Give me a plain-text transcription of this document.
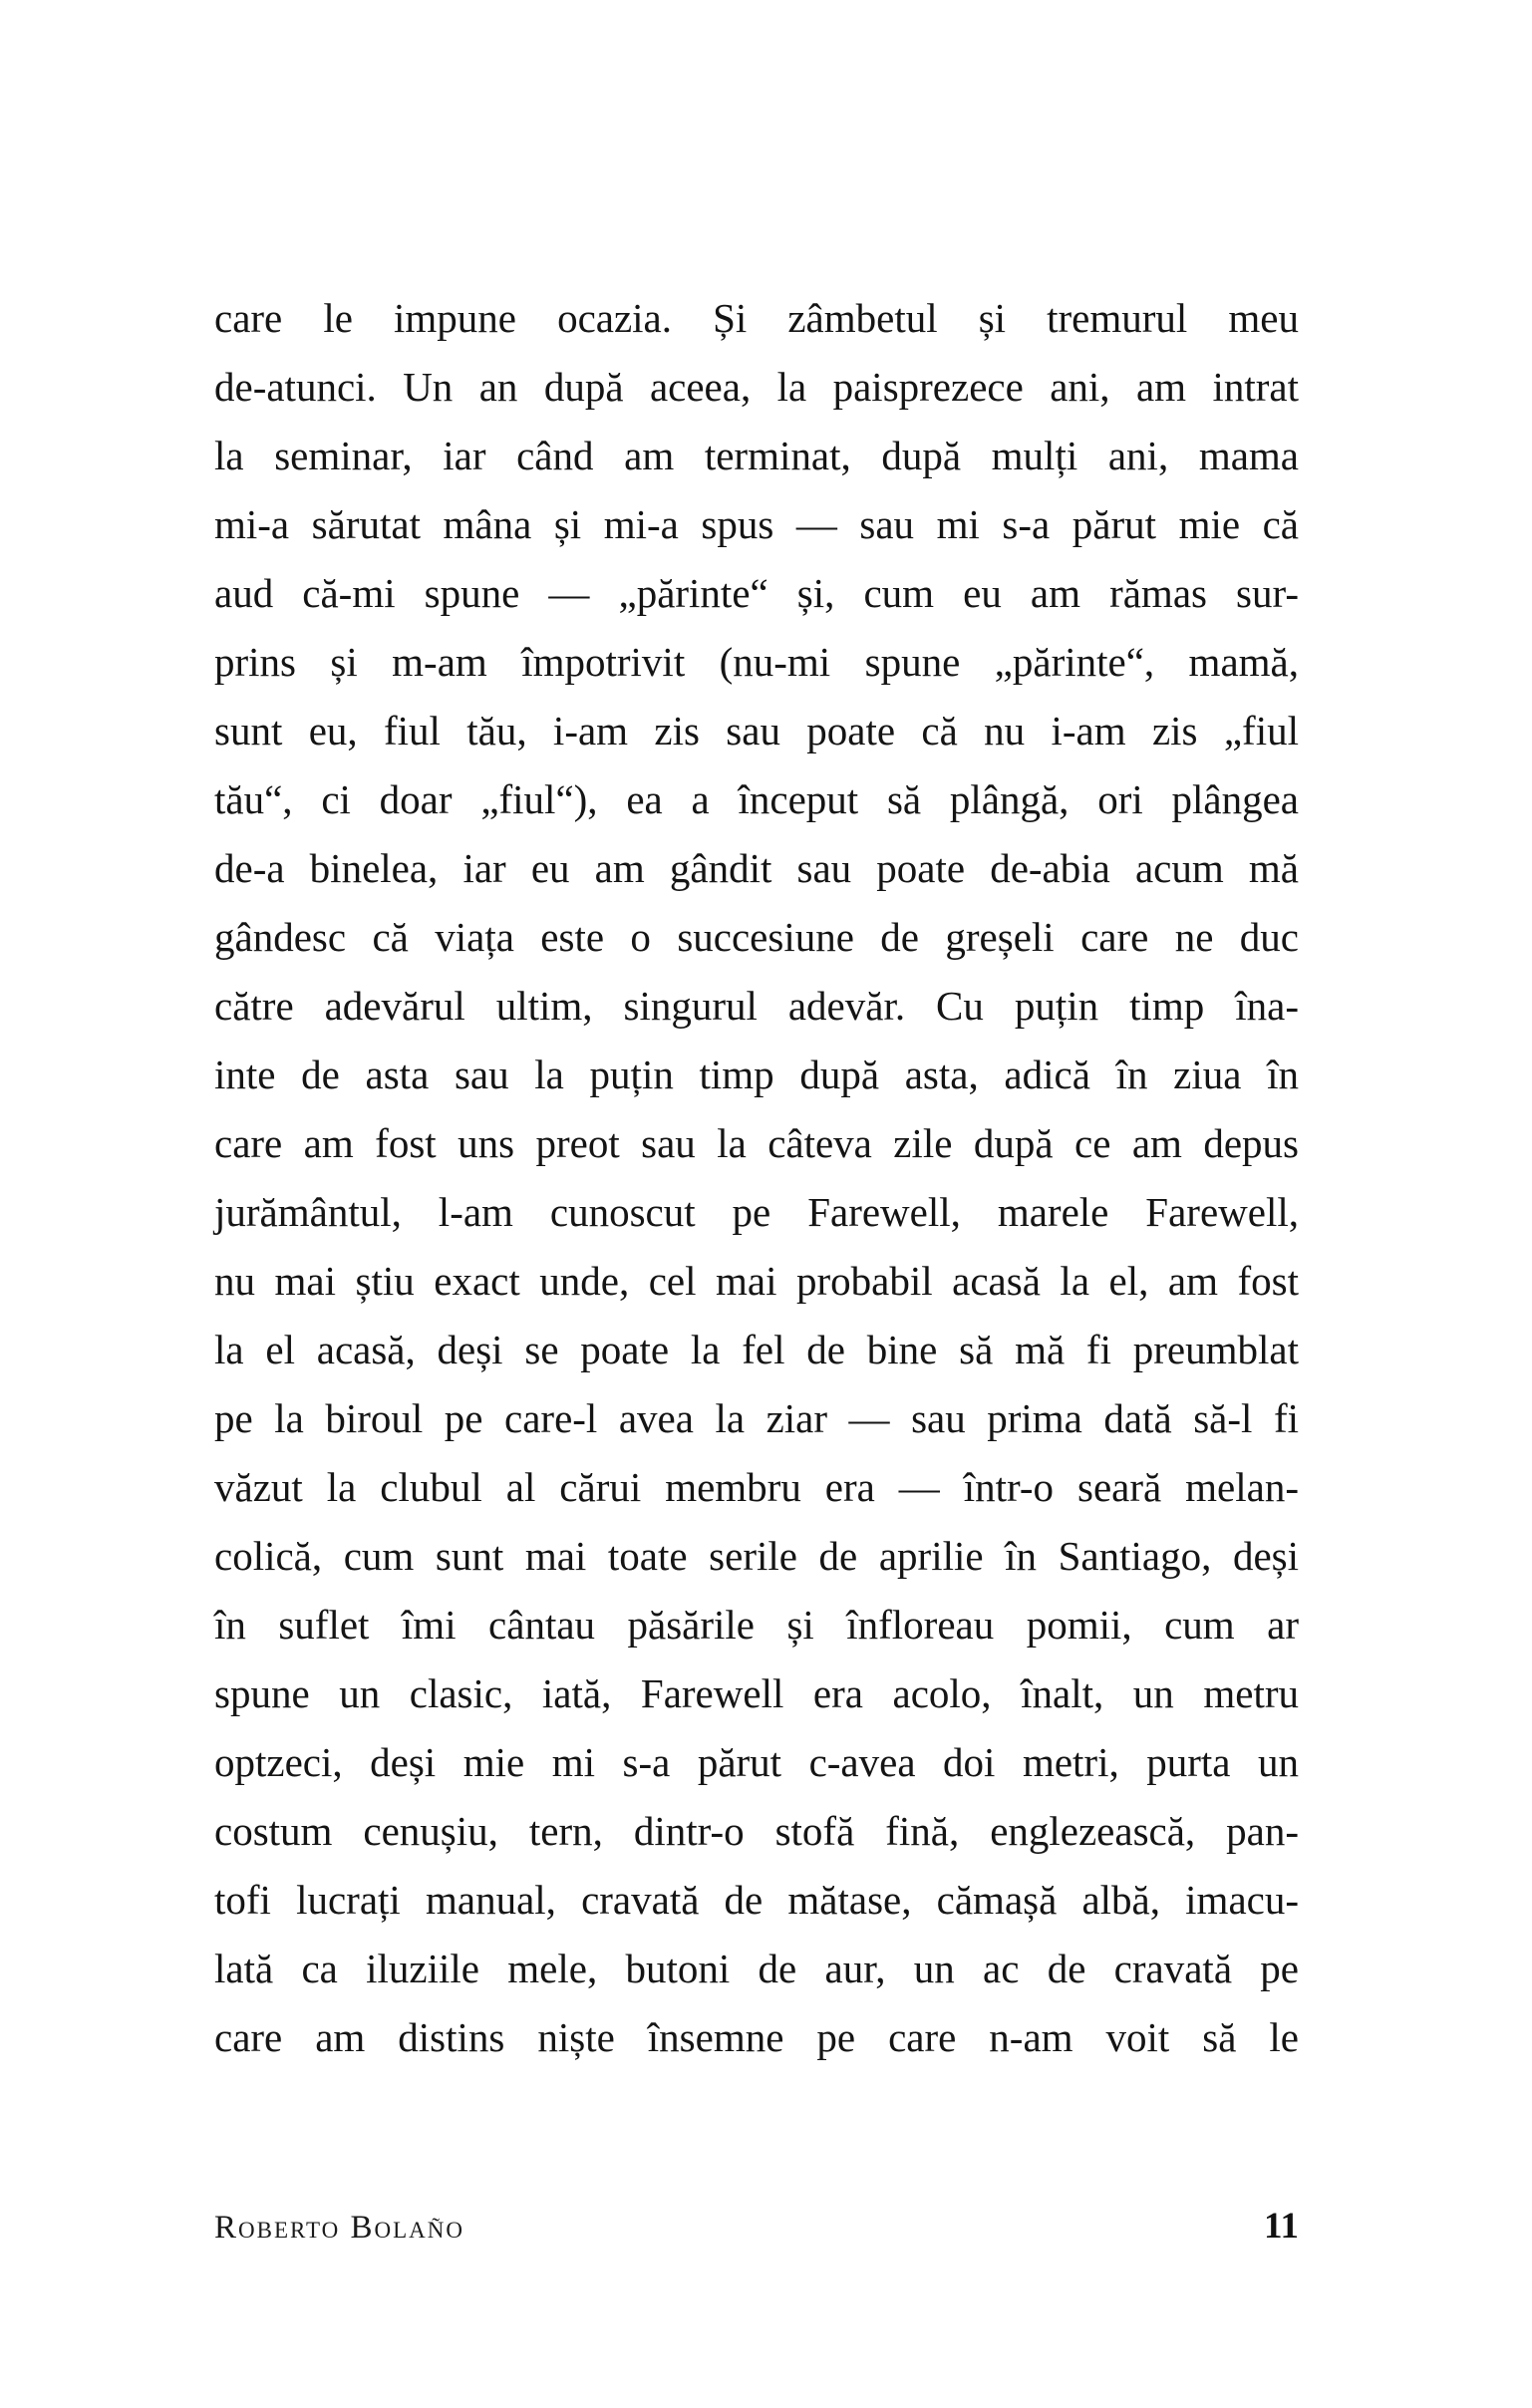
care le impune ocazia. Și zâmbetul și tremurul meu
de-atunci. Un an după aceea, la paisprezece ani, am intrat
la seminar, iar când am terminat, după mulți ani, mama
mi-a sărutat mâna și mi-a spus — sau mi s-a părut mie că
aud că-mi spune — „părinte“ și, cum eu am rămas sur-
prins și m-am împotrivit (nu-mi spune „părinte“, mamă,
sunt eu, fiul tău, i-am zis sau poate că nu i-am zis „fiul
tău“, ci doar „fiul“), ea a început să plângă, ori plângea
de-a binelea, iar eu am gândit sau poate de-abia acum mă
gândesc că viața este o succesiune de greșeli care ne duc
către adevărul ultim, singurul adevăr. Cu puțin timp îna-
inte de asta sau la puțin timp după asta, adică în ziua în
care am fost uns preot sau la câteva zile după ce am depus
jurământul, l-am cunoscut pe Farewell, marele Farewell,
nu mai știu exact unde, cel mai probabil acasă la el, am fost
la el acasă, deși se poate la fel de bine să mă fi preumblat
pe la biroul pe care-l avea la ziar — sau prima dată să-l fi
văzut la clubul al cărui membru era — într-o seară melan-
colică, cum sunt mai toate serile de aprilie în Santiago, deși
în suflet îmi cântau păsările și înfloreau pomii, cum ar
spune un clasic, iată, Farewell era acolo, înalt, un metru
optzeci, deși mie mi s-a părut c-avea doi metri, purta un
costum cenușiu, tern, dintr-o stofă fină, englezească, pan-
tofi lucrați manual, cravată de mătase, cămașă albă, imacu-
lată ca iluziile mele, butoni de aur, un ac de cravată pe
care am distins niște însemne pe care n-am voit să le
Roberto Bolaño	11
